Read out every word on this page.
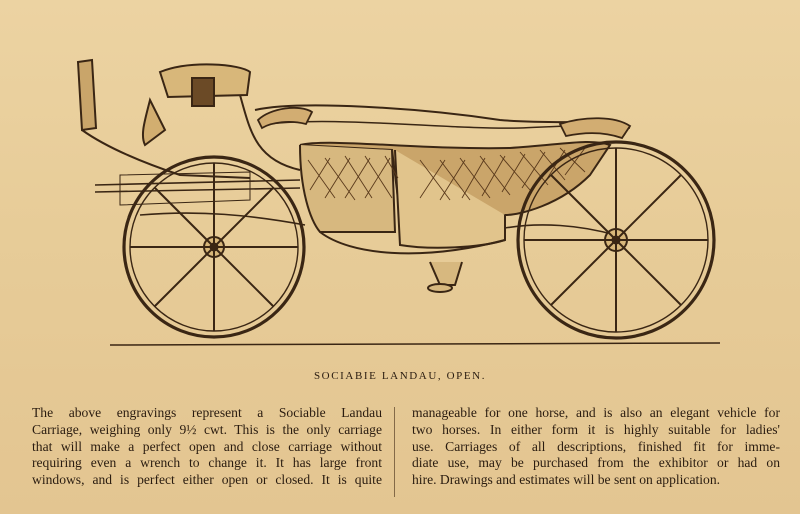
SOCIABIE LANDAU, OPEN.
The above engravings represent a Sociable Landau
Carriage, weighing only 9½ cwt. This is the only carriage
that will make a perfect open and close carriage without
requiring even a wrench to change it. It has large front
windows, and is perfect either open or closed. It is quite
manageable for one horse, and is also an elegant vehicle for
two horses. In either form it is highly suitable for ladies'
use. Carriages of all descriptions, finished fit for imme-
diate use, may be purchased from the exhibitor or had on
hire. Drawings and estimates will be sent on application.
